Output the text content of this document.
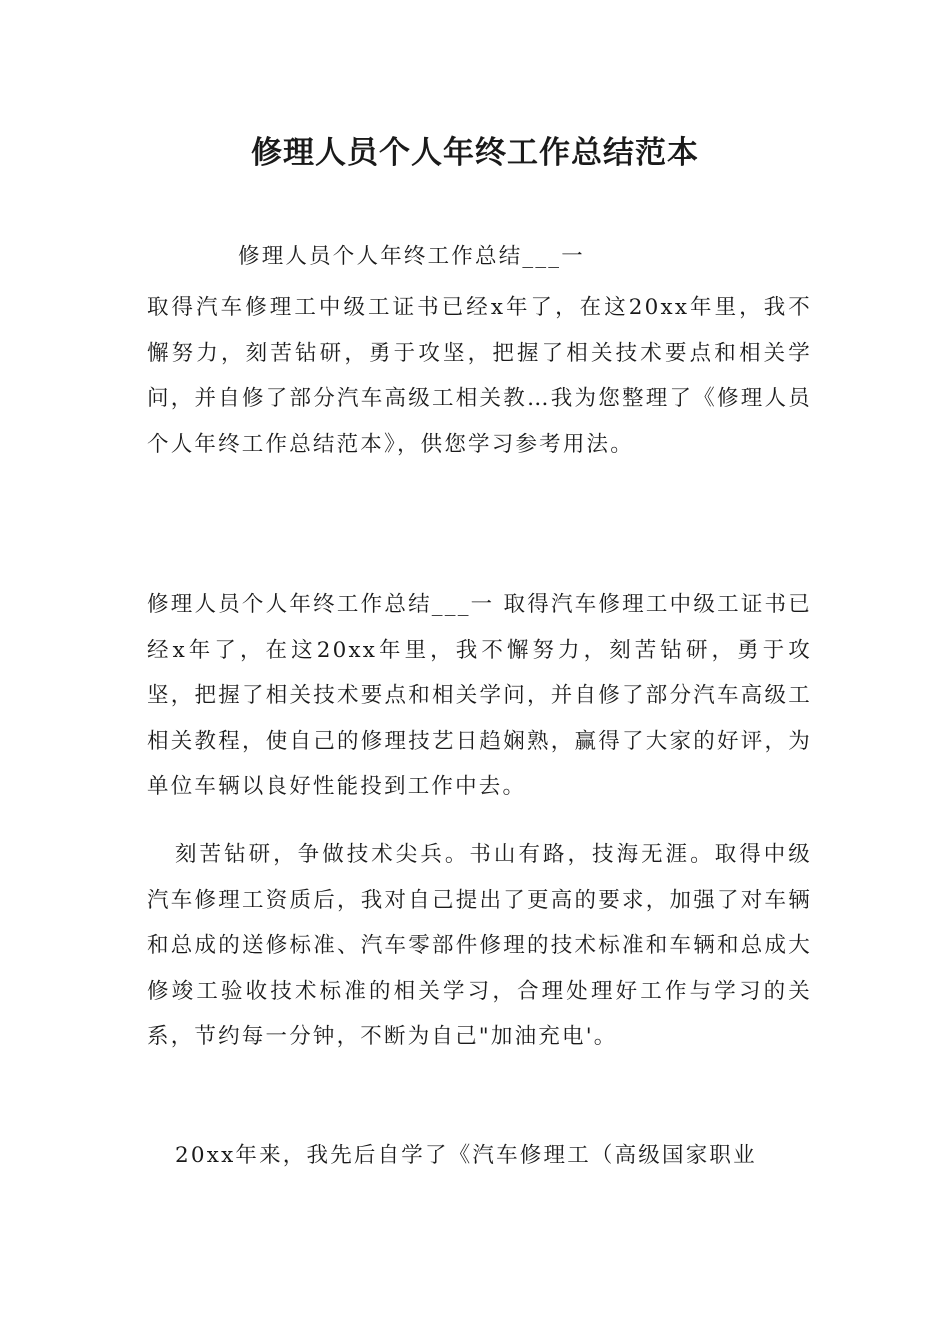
修理人员个人年终工作总结范本

修理人员个人年终工作总结___一

取得汽车修理工中级工证书已经x年了，在这20xx年里，我不懈努力，刻苦钻研，勇于攻坚，把握了相关技术要点和相关学问，并自修了部分汽车高级工相关教…我为您整理了《修理人员个人年终工作总结范本》，供您学习参考用法。

修理人员个人年终工作总结___一 取得汽车修理工中级工证书已经x年了，在这20xx年里，我不懈努力，刻苦钻研，勇于攻坚，把握了相关技术要点和相关学问，并自修了部分汽车高级工相关教程，使自己的修理技艺日趋娴熟，赢得了大家的好评，为单位车辆以良好性能投到工作中去。

刻苦钻研，争做技术尖兵。书山有路，技海无涯。取得中级汽车修理工资质后，我对自己提出了更高的要求，加强了对车辆和总成的送修标准、汽车零部件修理的技术标准和车辆和总成大修竣工验收技术标准的相关学习，合理处理好工作与学习的关系，节约每一分钟，不断为自己"加油充电'。

20xx年来，我先后自学了《汽车修理工（高级国家职业
